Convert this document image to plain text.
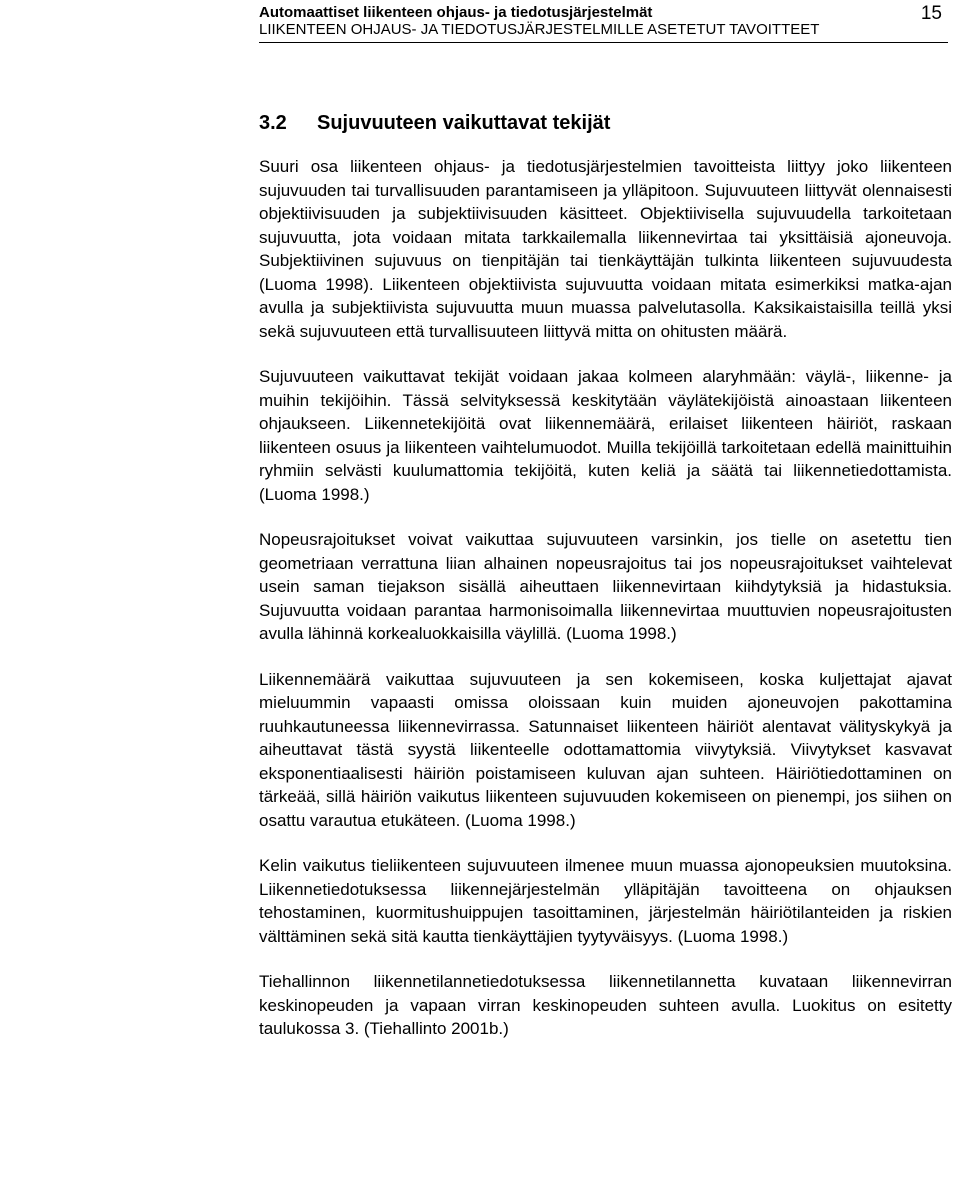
Automaattiset liikenteen ohjaus- ja tiedotusjärjestelmät
LIIKENTEEN OHJAUS- JA TIEDOTUSJÄRJESTELMILLE ASETETUT TAVOITTEET
15
3.2 Sujuvuuteen vaikuttavat tekijät

Suuri osa liikenteen ohjaus- ja tiedotusjärjestelmien tavoitteista liittyy joko liikenteen sujuvuuden tai turvallisuuden parantamiseen ja ylläpitoon. Sujuvuuteen liittyvät olennaisesti objektiivisuuden ja subjektiivisuuden käsitteet. Objektiivisella sujuvuudella tarkoitetaan sujuvuutta, jota voidaan mitata tarkkailemalla liikennevirtaa tai yksittäisiä ajoneuvoja. Subjektiivinen sujuvuus on tienpitäjän tai tienkäyttäjän tulkinta liikenteen sujuvuudesta (Luoma 1998). Liikenteen objektiivista sujuvuutta voidaan mitata esimerkiksi matka-ajan avulla ja subjektiivista sujuvuutta muun muassa palvelutasolla. Kaksikaistaisilla teillä yksi sekä sujuvuuteen että turvallisuuteen liittyvä mitta on ohitusten määrä.

Sujuvuuteen vaikuttavat tekijät voidaan jakaa kolmeen alaryhmään: väylä-, liikenne- ja muihin tekijöihin. Tässä selvityksessä keskitytään väylätekijöistä ainoastaan liikenteen ohjaukseen. Liikennetekijöitä ovat liikennemäärä, erilaiset liikenteen häiriöt, raskaan liikenteen osuus ja liikenteen vaihtelumuodot. Muilla tekijöillä tarkoitetaan edellä mainittuihin ryhmiin selvästi kuulumattomia tekijöitä, kuten keliä ja säätä tai liikennetiedottamista. (Luoma 1998.)

Nopeusrajoitukset voivat vaikuttaa sujuvuuteen varsinkin, jos tielle on asetettu tien geometriaan verrattuna liian alhainen nopeusrajoitus tai jos nopeusrajoitukset vaihtelevat usein saman tiejakson sisällä aiheuttaen liikennevirtaan kiihdytyksiä ja hidastuksia. Sujuvuutta voidaan parantaa harmonisoimalla liikennevirtaa muuttuvien nopeusrajoitusten avulla lähinnä korkealuokkaisilla väylillä. (Luoma 1998.)

Liikennemäärä vaikuttaa sujuvuuteen ja sen kokemiseen, koska kuljettajat ajavat mieluummin vapaasti omissa oloissaan kuin muiden ajoneuvojen pakottamina ruuhkautuneessa liikennevirrassa. Satunnaiset liikenteen häiriöt alentavat välityskykyä ja aiheuttavat tästä syystä liikenteelle odottamattomia viivytyksiä. Viivytykset kasvavat eksponentiaalisesti häiriön poistamiseen kuluvan ajan suhteen. Häiriötiedottaminen on tärkeää, sillä häiriön vaikutus liikenteen sujuvuuden kokemiseen on pienempi, jos siihen on osattu varautua etukäteen. (Luoma 1998.)

Kelin vaikutus tieliikenteen sujuvuuteen ilmenee muun muassa ajonopeuksien muutoksina. Liikennetiedotuksessa liikennejärjestelmän ylläpitäjän tavoitteena on ohjauksen tehostaminen, kuormitushuippujen tasoittaminen, järjestelmän häiriötilanteiden ja riskien välttäminen sekä sitä kautta tienkäyttäjien tyytyväisyys. (Luoma 1998.)

Tiehallinnon liikennetilannetiedotuksessa liikennetilannetta kuvataan liikennevirran keskinopeuden ja vapaan virran keskinopeuden suhteen avulla. Luokitus on esitetty taulukossa 3. (Tiehallinto 2001b.)
